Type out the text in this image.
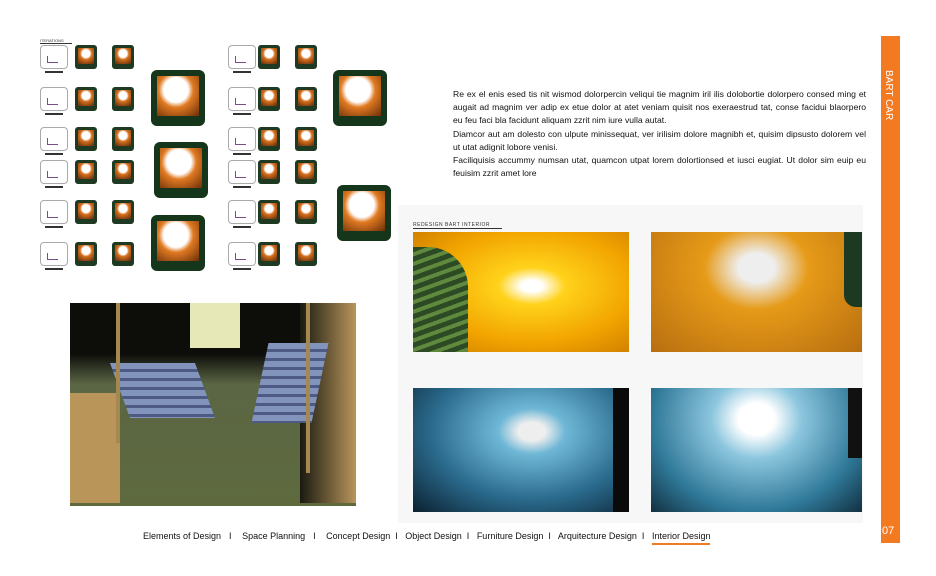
ITERATIONS

Re ex el enis esed tis nit wismod dolorpercin veliqui tie magnim iril ilis dolobortie dolorpero consed ming et augait ad magnim ver adip ex etue dolor at atet veniam quisit nos exeraestrud tat, conse facidui blaorpero eu feu faci bla facidunt aliquam zzrit nim iure vulla autat.

Diamcor aut am dolesto con ulpute minissequat, ver irilisim dolore magnibh et, quisim dipsusto dolorem vel ut utat adignit lobore venisi.

Faciliquisis accummy numsan utat, quamcon utpat lorem dolortionsed et iusci eugiat. Ut dolor sim euip eu feuisim zzrit amet lore

REDESIGN BART INTERIOR
BART CAR
07
Elements of Design I Space Planning I Concept Design I Object Design I Furniture Design I Arquitecture Design I Interior Design
